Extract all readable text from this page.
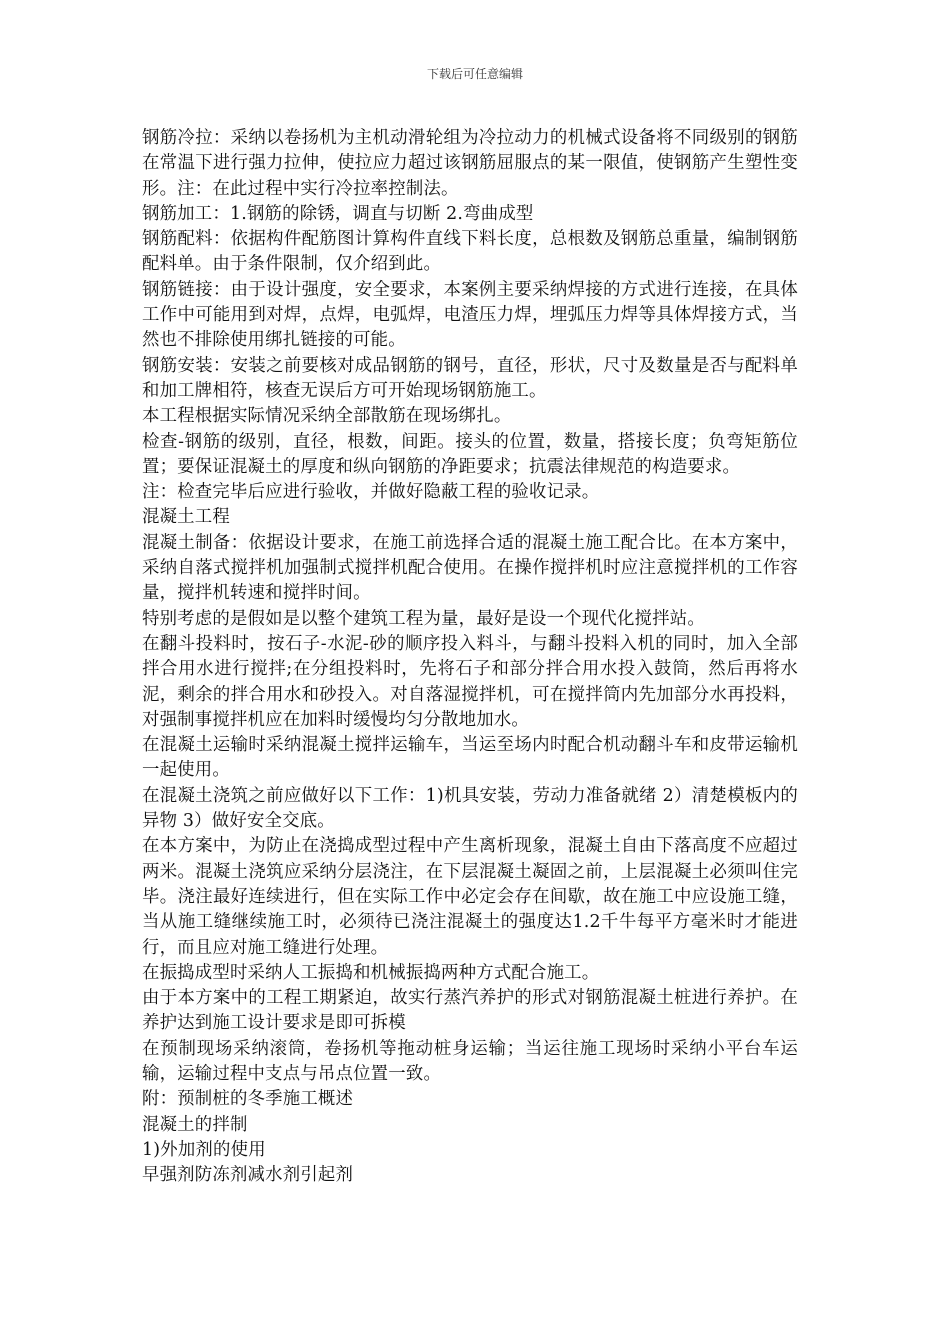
下载后可任意编辑

钢筋冷拉：采纳以卷扬机为主机动滑轮组为冷拉动力的机械式设备将不同级别的钢筋在常温下进行强力拉伸，使拉应力超过该钢筋屈服点的某一限值，使钢筋产生塑性变形。注：在此过程中实行冷拉率控制法。

钢筋加工：1.钢筋的除锈，调直与切断 2.弯曲成型

钢筋配料：依据构件配筋图计算构件直线下料长度，总根数及钢筋总重量，编制钢筋配料单。由于条件限制，仅介绍到此。

钢筋链接：由于设计强度，安全要求，本案例主要采纳焊接的方式进行连接，在具体工作中可能用到对焊，点焊，电弧焊，电渣压力焊，埋弧压力焊等具体焊接方式，当然也不排除使用绑扎链接的可能。

钢筋安装：安装之前要核对成品钢筋的钢号，直径，形状，尺寸及数量是否与配料单和加工牌相符，核查无误后方可开始现场钢筋施工。

本工程根据实际情况采纳全部散筋在现场绑扎。

检查-钢筋的级别，直径，根数，间距。接头的位置，数量，搭接长度；负弯矩筋位置；要保证混凝土的厚度和纵向钢筋的净距要求；抗震法律规范的构造要求。

注：检查完毕后应进行验收，并做好隐蔽工程的验收记录。

混凝土工程

混凝土制备：依据设计要求，在施工前选择合适的混凝土施工配合比。在本方案中，采纳自落式搅拌机加强制式搅拌机配合使用。在操作搅拌机时应注意搅拌机的工作容量，搅拌机转速和搅拌时间。

特别考虑的是假如是以整个建筑工程为量，最好是设一个现代化搅拌站。

在翻斗投料时，按石子-水泥-砂的顺序投入料斗，与翻斗投料入机的同时，加入全部拌合用水进行搅拌;在分组投料时，先将石子和部分拌合用水投入鼓筒，然后再将水泥，剩余的拌合用水和砂投入。对自落湿搅拌机，可在搅拌筒内先加部分水再投料，对强制事搅拌机应在加料时缓慢均匀分散地加水。

在混凝土运输时采纳混凝土搅拌运输车，当运至场内时配合机动翻斗车和皮带运输机一起使用。

在混凝土浇筑之前应做好以下工作：1)机具安装，劳动力准备就绪 2）清楚模板内的异物 3）做好安全交底。

在本方案中，为防止在浇捣成型过程中产生离析现象，混凝土自由下落高度不应超过两米。混凝土浇筑应采纳分层浇注，在下层混凝土凝固之前，上层混凝土必须叫住完毕。浇注最好连续进行，但在实际工作中必定会存在间歇，故在施工中应设施工缝，当从施工缝继续施工时，必须待已浇注混凝土的强度达1.2千牛每平方毫米时才能进行，而且应对施工缝进行处理。

在振捣成型时采纳人工振捣和机械振捣两种方式配合施工。

由于本方案中的工程工期紧迫，故实行蒸汽养护的形式对钢筋混凝土桩进行养护。在养护达到施工设计要求是即可拆模

在预制现场采纳滚筒，卷扬机等拖动桩身运输；当运往施工现场时采纳小平台车运输，运输过程中支点与吊点位置一致。

附：预制桩的冬季施工概述

混凝土的拌制

1)外加剂的使用

早强剂防冻剂减水剂引起剂
